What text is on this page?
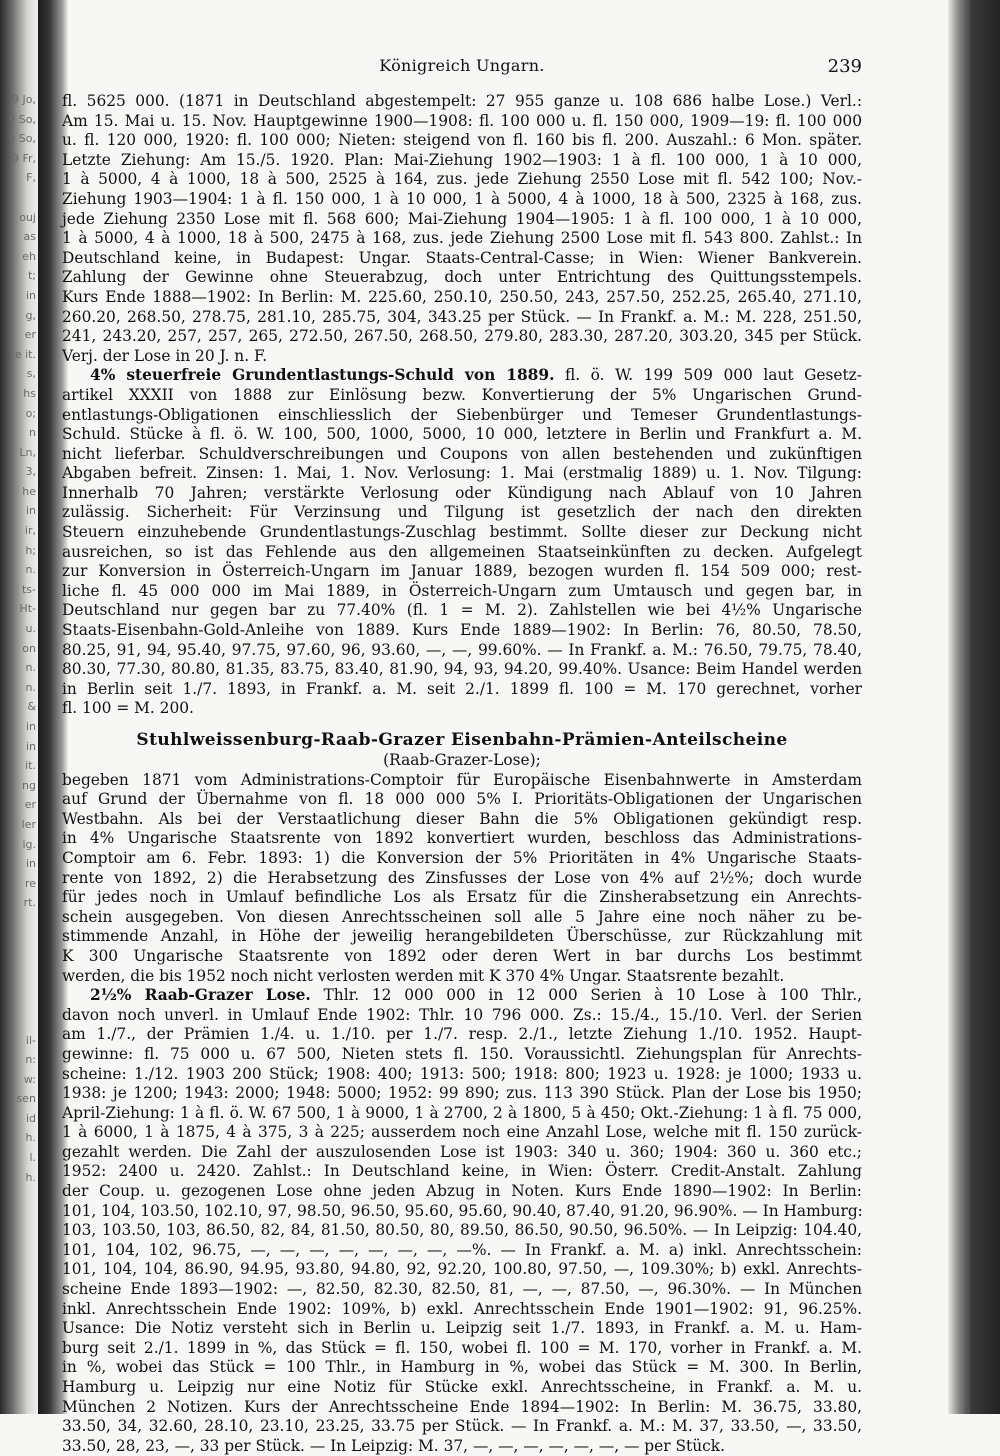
9 Jo,
9 So,
9 So,
9 Fr,
F,

ouj
as
eh
t;
in
g,
er
e it.
s,
hs
o;
n
Ln,
3,
he
in
ir,
h;
n.
ts-
Ht-
u.
on
n.
n.
&
in
in
it.
ng
er
ler
ig.
in
re
rt.

il-
n:
w:
sen
id
h.
l.
h.

Königreich Ungarn.	239
fl. 5625 000. (1871 in Deutschland abgestempelt: 27 955 ganze u. 108 686 halbe Lose.) Verl.:
Am 15. Mai u. 15. Nov. Hauptgewinne 1900—1908: fl. 100 000 u. fl. 150 000, 1909—19: fl. 100 000
u. fl. 120 000, 1920: fl. 100 000; Nieten: steigend von fl. 160 bis fl. 200. Auszahl.: 6 Mon. später.
Letzte Ziehung: Am 15./5. 1920. Plan: Mai-Ziehung 1902—1903: 1 à fl. 100 000, 1 à 10 000,
1 à 5000, 4 à 1000, 18 à 500, 2525 à 164, zus. jede Ziehung 2550 Lose mit fl. 542 100; Nov.-
Ziehung 1903—1904: 1 à fl. 150 000, 1 à 10 000, 1 à 5000, 4 à 1000, 18 à 500, 2325 à 168, zus.
jede Ziehung 2350 Lose mit fl. 568 600; Mai-Ziehung 1904—1905: 1 à fl. 100 000, 1 à 10 000,
1 à 5000, 4 à 1000, 18 à 500, 2475 à 168, zus. jede Ziehung 2500 Lose mit fl. 543 800. Zahlst.: In
Deutschland keine, in Budapest: Ungar. Staats-Central-Casse; in Wien: Wiener Bankverein.
Zahlung der Gewinne ohne Steuerabzug, doch unter Entrichtung des Quittungsstempels.
Kurs Ende 1888—1902: In Berlin: M. 225.60, 250.10, 250.50, 243, 257.50, 252.25, 265.40, 271.10,
260.20, 268.50, 278.75, 281.10, 285.75, 304, 343.25 per Stück. — In Frankf. a. M.: M. 228, 251.50,
241, 243.20, 257, 257, 265, 272.50, 267.50, 268.50, 279.80, 283.30, 287.20, 303.20, 345 per Stück.
Verj. der Lose in 20 J. n. F.
4% steuerfreie Grundentlastungs-Schuld von 1889. fl. ö. W. 199 509 000 laut Gesetz-
artikel XXXII von 1888 zur Einlösung bezw. Konvertierung der 5% Ungarischen Grund-
entlastungs-Obligationen einschliesslich der Siebenbürger und Temeser Grundentlastungs-
Schuld. Stücke à fl. ö. W. 100, 500, 1000, 5000, 10 000, letztere in Berlin und Frankfurt a. M.
nicht lieferbar. Schuldverschreibungen und Coupons von allen bestehenden und zukünftigen
Abgaben befreit. Zinsen: 1. Mai, 1. Nov. Verlosung: 1. Mai (erstmalig 1889) u. 1. Nov. Tilgung:
Innerhalb 70 Jahren; verstärkte Verlosung oder Kündigung nach Ablauf von 10 Jahren
zulässig. Sicherheit: Für Verzinsung und Tilgung ist gesetzlich der nach den direkten
Steuern einzuhebende Grundentlastungs-Zuschlag bestimmt. Sollte dieser zur Deckung nicht
ausreichen, so ist das Fehlende aus den allgemeinen Staatseinkünften zu decken. Aufgelegt
zur Konversion in Österreich-Ungarn im Januar 1889, bezogen wurden fl. 154 509 000; rest-
liche fl. 45 000 000 im Mai 1889, in Österreich-Ungarn zum Umtausch und gegen bar, in
Deutschland nur gegen bar zu 77.40% (fl. 1 = M. 2). Zahlstellen wie bei 4½% Ungarische
Staats-Eisenbahn-Gold-Anleihe von 1889. Kurs Ende 1889—1902: In Berlin: 76, 80.50, 78.50,
80.25, 91, 94, 95.40, 97.75, 97.60, 96, 93.60, —, —, 99.60%. — In Frankf. a. M.: 76.50, 79.75, 78.40,
80.30, 77.30, 80.80, 81.35, 83.75, 83.40, 81.90, 94, 93, 94.20, 99.40%. Usance: Beim Handel werden
in Berlin seit 1./7. 1893, in Frankf. a. M. seit 2./1. 1899 fl. 100 = M. 170 gerechnet, vorher
fl. 100 = M. 200.
Stuhlweissenburg-Raab-Grazer Eisenbahn-Prämien-Anteilscheine
(Raab-Grazer-Lose);
begeben 1871 vom Administrations-Comptoir für Europäische Eisenbahnwerte in Amsterdam
auf Grund der Übernahme von fl. 18 000 000 5% I. Prioritäts-Obligationen der Ungarischen
Westbahn. Als bei der Verstaatlichung dieser Bahn die 5% Obligationen gekündigt resp.
in 4% Ungarische Staatsrente von 1892 konvertiert wurden, beschloss das Administrations-
Comptoir am 6. Febr. 1893: 1) die Konversion der 5% Prioritäten in 4% Ungarische Staats-
rente von 1892, 2) die Herabsetzung des Zinsfusses der Lose von 4% auf 2½%; doch wurde
für jedes noch in Umlauf befindliche Los als Ersatz für die Zinsherabsetzung ein Anrechts-
schein ausgegeben. Von diesen Anrechtsscheinen soll alle 5 Jahre eine noch näher zu be-
stimmende Anzahl, in Höhe der jeweilig herangebildeten Überschüsse, zur Rückzahlung mit
K 300 Ungarische Staatsrente von 1892 oder deren Wert in bar durchs Los bestimmt
werden, die bis 1952 noch nicht verlosten werden mit K 370 4% Ungar. Staatsrente bezahlt.
2½% Raab-Grazer Lose. Thlr. 12 000 000 in 12 000 Serien à 10 Lose à 100 Thlr.,
davon noch unverl. in Umlauf Ende 1902: Thlr. 10 796 000. Zs.: 15./4., 15./10. Verl. der Serien
am 1./7., der Prämien 1./4. u. 1./10. per 1./7. resp. 2./1., letzte Ziehung 1./10. 1952. Haupt-
gewinne: fl. 75 000 u. 67 500, Nieten stets fl. 150. Voraussichtl. Ziehungsplan für Anrechts-
scheine: 1./12. 1903 200 Stück; 1908: 400; 1913: 500; 1918: 800; 1923 u. 1928: je 1000; 1933 u.
1938: je 1200; 1943: 2000; 1948: 5000; 1952: 99 890; zus. 113 390 Stück. Plan der Lose bis 1950;
April-Ziehung: 1 à fl. ö. W. 67 500, 1 à 9000, 1 à 2700, 2 à 1800, 5 à 450; Okt.-Ziehung: 1 à fl. 75 000,
1 à 6000, 1 à 1875, 4 à 375, 3 à 225; ausserdem noch eine Anzahl Lose, welche mit fl. 150 zurück-
gezahlt werden. Die Zahl der auszulosenden Lose ist 1903: 340 u. 360; 1904: 360 u. 360 etc.;
1952: 2400 u. 2420. Zahlst.: In Deutschland keine, in Wien: Österr. Credit-Anstalt. Zahlung
der Coup. u. gezogenen Lose ohne jeden Abzug in Noten. Kurs Ende 1890—1902: In Berlin:
101, 104, 103.50, 102.10, 97, 98.50, 96.50, 95.60, 95.60, 90.40, 87.40, 91.20, 96.90%. — In Hamburg:
103, 103.50, 103, 86.50, 82, 84, 81.50, 80.50, 80, 89.50, 86.50, 90.50, 96.50%. — In Leipzig: 104.40,
101, 104, 102, 96.75, —, —, —, —, —, —, —, —%. — In Frankf. a. M. a) inkl. Anrechtsschein:
101, 104, 104, 86.90, 94.95, 93.80, 94.80, 92, 92.20, 100.80, 97.50, —, 109.30%; b) exkl. Anrechts-
scheine Ende 1893—1902: —, 82.50, 82.30, 82.50, 81, —, —, 87.50, —, 96.30%. — In München
inkl. Anrechtsschein Ende 1902: 109%, b) exkl. Anrechtsschein Ende 1901—1902: 91, 96.25%.
Usance: Die Notiz versteht sich in Berlin u. Leipzig seit 1./7. 1893, in Frankf. a. M. u. Ham-
burg seit 2./1. 1899 in %, das Stück = fl. 150, wobei fl. 100 = M. 170, vorher in Frankf. a. M.
in %, wobei das Stück = 100 Thlr., in Hamburg in %, wobei das Stück = M. 300. In Berlin,
Hamburg u. Leipzig nur eine Notiz für Stücke exkl. Anrechtsscheine, in Frankf. a. M. u.
München 2 Notizen. Kurs der Anrechtsscheine Ende 1894—1902: In Berlin: M. 36.75, 33.80,
33.50, 34, 32.60, 28.10, 23.10, 23.25, 33.75 per Stück. — In Frankf. a. M.: M. 37, 33.50, —, 33.50,
33.50, 28, 23, —, 33 per Stück. — In Leipzig: M. 37, —, —, —, —, —, —, — per Stück.
